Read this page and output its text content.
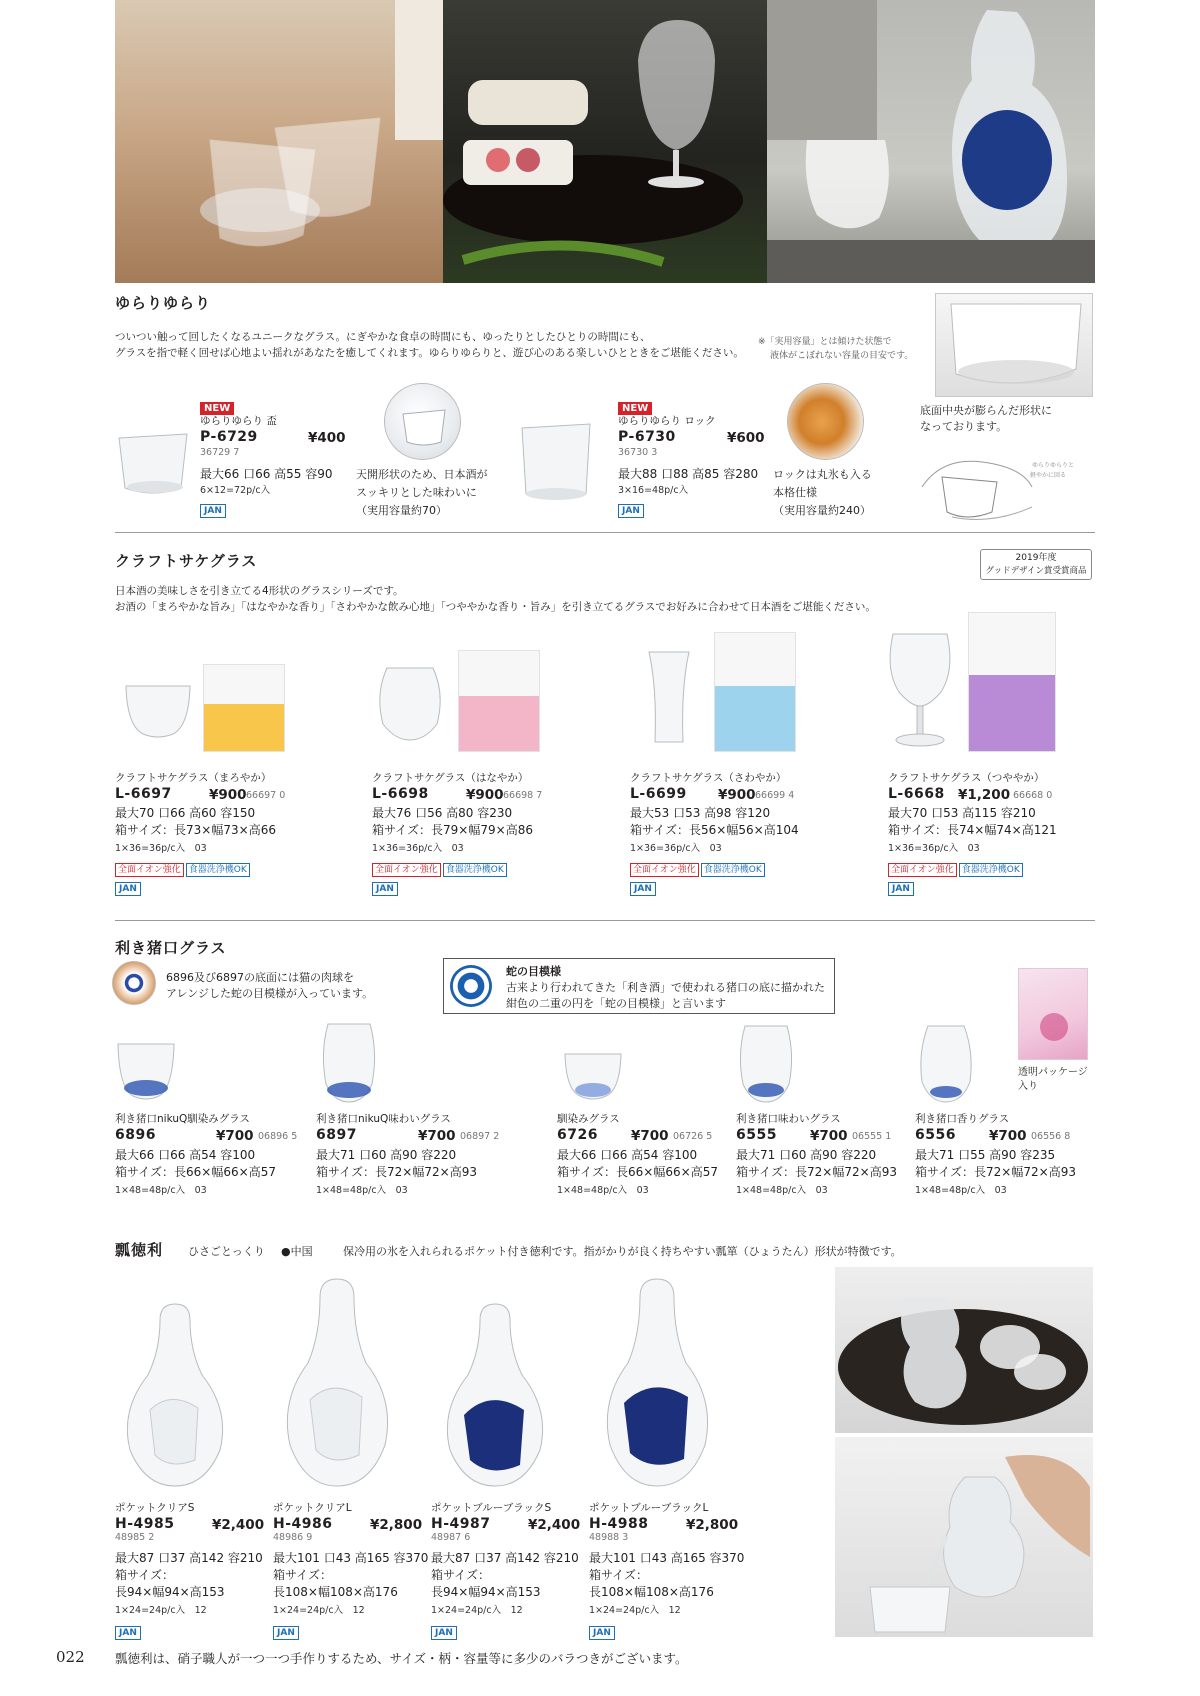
ゆらりゆらり
ついつい触って回したくなるユニークなグラス。にぎやかな食卓の時間にも、ゆったりとしたひとりの時間にも、
グラスを指で軽く回せば心地よい揺れがあなたを癒してくれます。ゆらりゆらりと、遊び心のある楽しいひとときをご堪能ください。
※「実用容量」とは傾けた状態で
液体がこぼれない容量の目安です。
底面中央が膨らんだ形状に
なっております。
ゆらりゆらりと
軽やかに回る
NEW
ゆらりゆらり 盃
P-6729	¥400
36729 7
最大66 口66 高55 容90
6×12=72p/c入
JAN
天開形状のため、日本酒が
スッキリとした味わいに
（実用容量約70）
NEW
ゆらりゆらり ロック
P-6730	¥600
36730 3
最大88 口88 高85 容280
3×16=48p/c入
JAN
ロックは丸氷も入る
本格仕様
（実用容量約240）
クラフトサケグラス	2019年度
グッドデザイン賞受賞商品
日本酒の美味しさを引き立てる4形状のグラスシリーズです。
お酒の「まろやかな旨み」「はなやかな香り」「さわやかな飲み心地」「つややかな香り・旨み」を引き立てるグラスでお好みに合わせて日本酒をご堪能ください。
クラフトサケグラス（まろやか）
L-6697	¥900 66697 0
最大70 口66 高60 容150
箱サイズ：長73×幅73×高66
1×36=36p/c入　03
全面イオン強化 食器洗浄機OK
JAN
クラフトサケグラス（はなやか）
L-6698	¥900 66698 7
最大76 口56 高80 容230
箱サイズ：長79×幅79×高86
1×36=36p/c入　03
全面イオン強化 食器洗浄機OK
JAN
クラフトサケグラス（さわやか）
L-6699 ¥900 66699 4
最大53 口53 高98 容120
箱サイズ：長56×幅56×高104
1×36=36p/c入　03
全面イオン強化 食器洗浄機OK
JAN
クラフトサケグラス（つややか）
L-6668 ¥1,200 66668 0
最大70 口53 高115 容210
箱サイズ：長74×幅74×高121
1×36=36p/c入　03
全面イオン強化 食器洗浄機OK
JAN
利き猪口グラス
6896及び6897の底面には猫の肉球を
アレンジした蛇の目模様が入っています。
蛇の目模様
古来より行われてきた「利き酒」で使われる猪口の底に描かれた
紺色の二重の円を「蛇の目模様」と言います
透明パッケージ
入り
利き猪口nikuQ馴染みグラス
6896	¥700 06896 5
最大66 口66 高54 容100
箱サイズ：長66×幅66×高57
1×48=48p/c入　03
利き猪口nikuQ味わいグラス
6897	¥700 06897 2
最大71 口60 高90 容220
箱サイズ：長72×幅72×高93
1×48=48p/c入　03
馴染みグラス
6726 ¥700 06726 5
最大66 口66 高54 容100
箱サイズ：長66×幅66×高57
1×48=48p/c入　03
利き猪口味わいグラス
6555 ¥700 06555 1
最大71 口60 高90 容220
箱サイズ：長72×幅72×高93
1×48=48p/c入　03
利き猪口香りグラス
6556 ¥700 06556 8
最大71 口55 高90 容235
箱サイズ：長72×幅72×高93
1×48=48p/c入　03
瓢徳利 ひさごとっくり ●中国	保冷用の氷を入れられるポケット付き徳利です。指がかりが良く持ちやすい瓢箪（ひょうたん）形状が特徴です。
ポケットクリアS
H-4985	¥2,400
48985 2
最大87 口37 高142 容210
箱サイズ：
長94×幅94×高153
1×24=24p/c入　12
JAN
ポケットクリアL
H-4986	¥2,800
48986 9
最大101 口43 高165 容370
箱サイズ：
長108×幅108×高176
1×24=24p/c入　12
JAN
ポケットブルーブラックS
H-4987	¥2,400
48987 6
最大87 口37 高142 容210
箱サイズ：
長94×幅94×高153
1×24=24p/c入　12
JAN
ポケットブルーブラックL
H-4988	¥2,800
48988 3
最大101 口43 高165 容370
箱サイズ：
長108×幅108×高176
1×24=24p/c入　12
JAN
022 瓢徳利は、硝子職人が一つ一つ手作りするため、サイズ・柄・容量等に多少のバラつきがございます。
